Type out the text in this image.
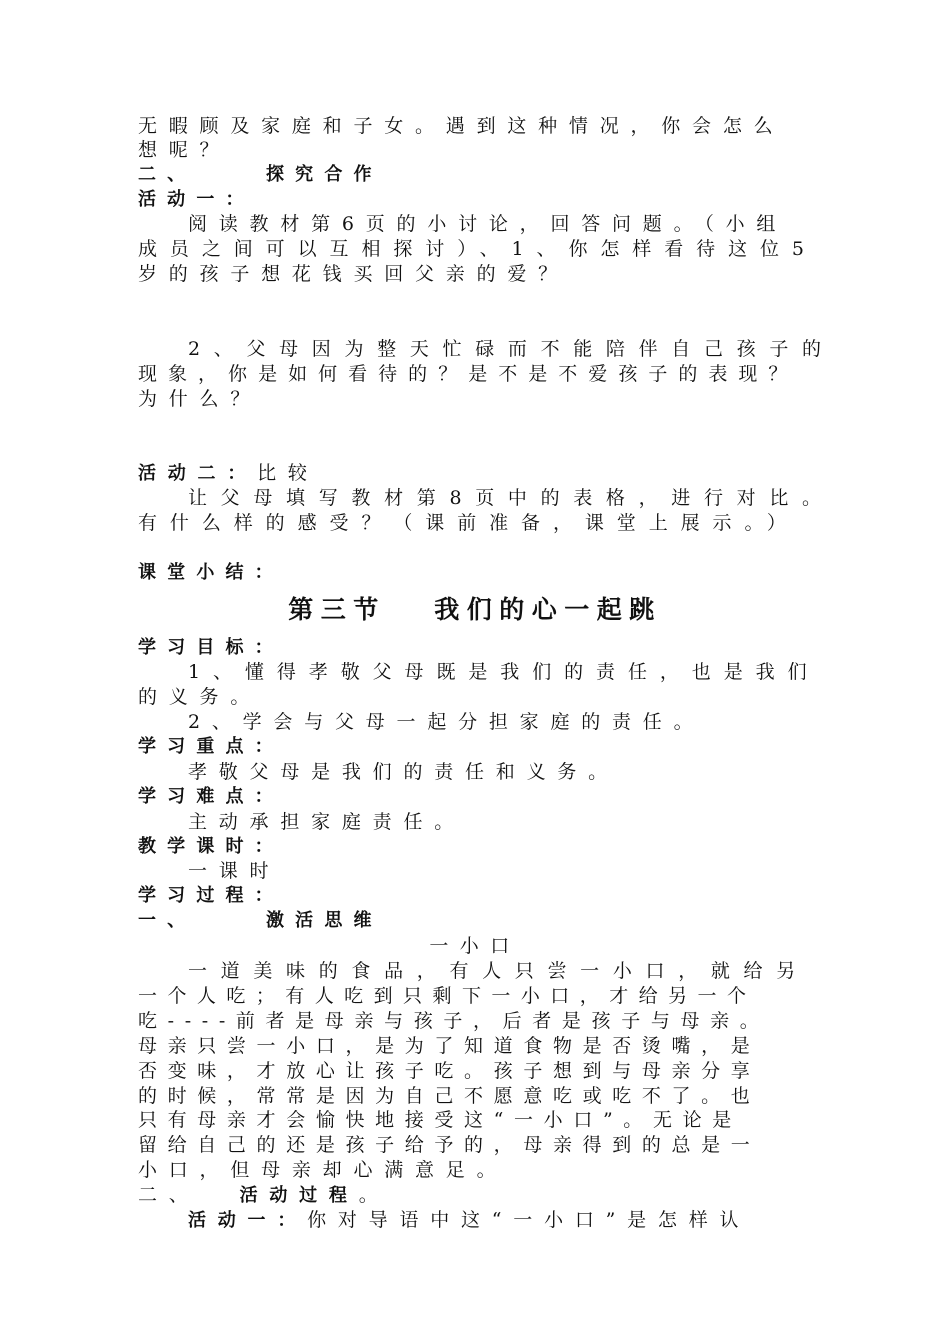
无暇顾及家庭和子女。遇到这种情况，你会怎么
想呢？
二、    探究合作
活动一：
阅读教材第6页的小讨论，回答问题。（小组
成员之间可以互相探讨）、1、你怎样看待这位5
岁的孩子想花钱买回父亲的爱？
2、父母因为整天忙碌而不能陪伴自己孩子的
现象，你是如何看待的？是不是不爱孩子的表现？
为什么？
活动二：比较
让父母填写教材第8页中的表格，进行对比。
有什么样的感受？（课前准备，课堂上展示。）
课堂小结：
第三节   我们的心一起跳
学习目标：
1、懂得孝敬父母既是我们的责任，也是我们
的义务。
2、学会与父母一起分担家庭的责任。
学习重点：
孝敬父母是我们的责任和义务。
学习难点：
主动承担家庭责任。
教学课时：
一课时
学习过程：
一、    激活思维
一小口
一道美味的食品，有人只尝一小口，就给另
一个人吃；有人吃到只剩下一小口，才给另一个
吃----前者是母亲与孩子，后者是孩子与母亲。
母亲只尝一小口，是为了知道食物是否烫嘴，是
否变味，才放心让孩子吃。孩子想到与母亲分享
的时候，常常是因为自己不愿意吃或吃不了。也
只有母亲才会愉快地接受这“一小口”。无论是
留给自己的还是孩子给予的，母亲得到的总是一
小口，但母亲却心满意足。
二、 活动过程。
活动一：你对导语中这“一小口”是怎样认
